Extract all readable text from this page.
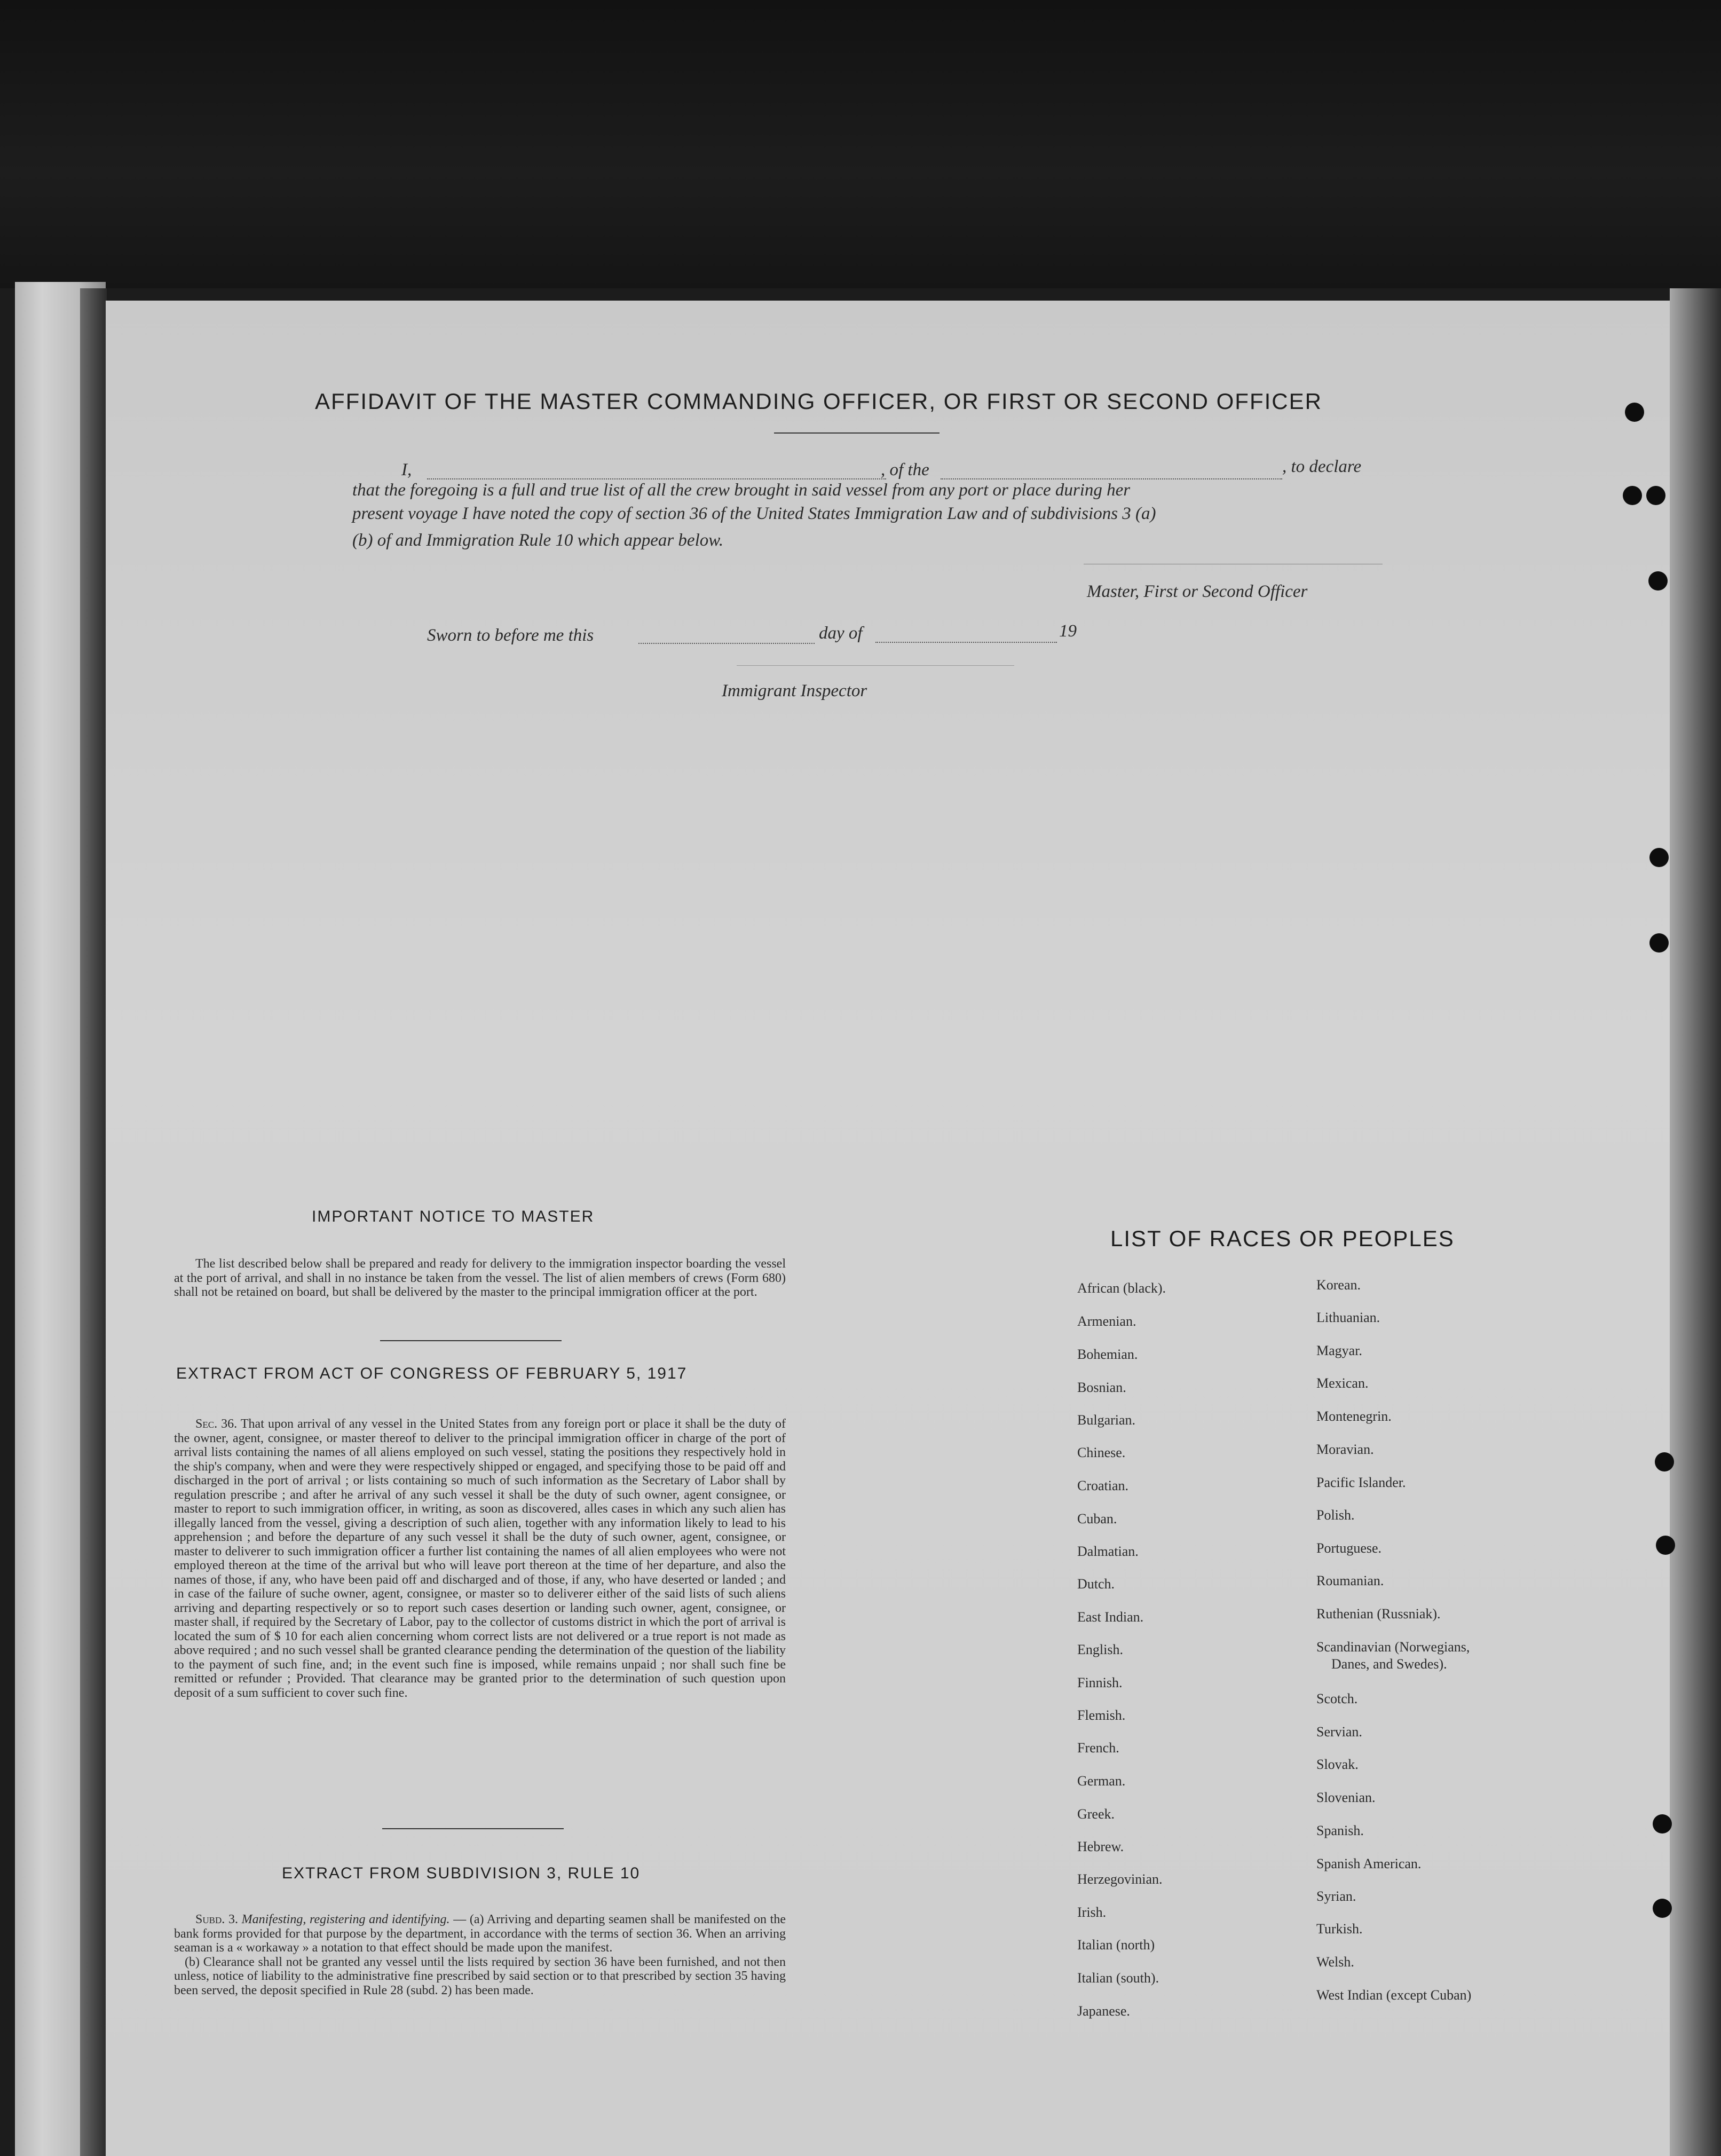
AFFIDAVIT OF THE MASTER COMMANDING OFFICER, OR FIRST OR SECOND OFFICER
I,	, of the	, to declare
that the foregoing is a full and true list of all the crew brought in said vessel from any port or place during her
present voyage I have noted the copy of section 36 of the United States Immigration Law and of subdivisions 3 (a)
(b) of and Immigration Rule 10 which appear below.
Master, First or Second Officer
Sworn to before me this	day of	19
Immigrant Inspector
IMPORTANT NOTICE TO MASTER

The list described below shall be prepared and ready for delivery to the immigration inspector boarding the vessel at the port of arrival, and shall in no instance be taken from the vessel. The list of alien members of crews (Form 680) shall not be retained on board, but shall be delivered by the master to the principal immigration officer at the port.

EXTRACT FROM ACT OF CONGRESS OF FEBRUARY 5, 1917

Sec. 36. That upon arrival of any vessel in the United States from any foreign port or place it shall be the duty of the owner, agent, consignee, or master thereof to deliver to the principal immigration officer in charge of the port of arrival lists containing the names of all aliens employed on such vessel, stating the positions they respectively hold in the ship's company, when and were they were respectively shipped or engaged, and specifying those to be paid off and discharged in the port of arrival ; or lists containing so much of such information as the Secretary of Labor shall by regulation prescribe ; and after he arrival of any such vessel it shall be the duty of such owner, agent consignee, or master to report to such immigration officer, in writing, as soon as discovered, alles cases in which any such alien has illegally lanced from the vessel, giving a description of such alien, together with any information likely to lead to his apprehension ; and before the departure of any such vessel it shall be the duty of such owner, agent, consignee, or master to deliverer to such immigration officer a further list containing the names of all alien employees who were not employed thereon at the time of the arrival but who will leave port thereon at the time of her departure, and also the names of those, if any, who have been paid off and discharged and of those, if any, who have deserted or landed ; and in case of the failure of suche owner, agent, consignee, or master so to deliverer either of the said lists of such aliens arriving and departing respectively or so to report such cases desertion or landing such owner, agent, consignee, or master shall, if required by the Secretary of Labor, pay to the collector of customs district in which the port of arrival is located the sum of $ 10 for each alien concerning whom correct lists are not delivered or a true report is not made as above required ; and no such vessel shall be granted clearance pending the determination of the question of the liability to the payment of such fine, and; in the event such fine is imposed, while remains unpaid ; nor shall such fine be remitted or refunder ; Provided. That clearance may be granted prior to the determination of such question upon deposit of a sum sufficient to cover such fine.

EXTRACT FROM SUBDIVISION 3, RULE 10

Subd. 3. Manifesting, registering and identifying. — (a) Arriving and departing seamen shall be manifested on the bank forms provided for that purpose by the department, in accordance with the terms of section 36. When an arriving seaman is a « workaway » a notation to that effect should be made upon the manifest.

(b) Clearance shall not be granted any vessel until the lists required by section 36 have been furnished, and not then unless, notice of liability to the administrative fine prescribed by said section or to that prescribed by section 35 having been served, the deposit specified in Rule 28 (subd. 2) has been made.

LIST OF RACES OR PEOPLES
African (black).
Armenian.
Bohemian.
Bosnian.
Bulgarian.
Chinese.
Croatian.
Cuban.
Dalmatian.
Dutch.
East Indian.
English.
Finnish.
Flemish.
French.
German.
Greek.
Hebrew.
Herzegovinian.
Irish.
Italian (north)
Italian (south).
Japanese.
Korean.
Lithuanian.
Magyar.
Mexican.
Montenegrin.
Moravian.
Pacific Islander.
Polish.
Portuguese.
Roumanian.
Ruthenian (Russniak).
Scandinavian (Norwegians,
Danes, and Swedes).
Scotch.
Servian.
Slovak.
Slovenian.
Spanish.
Spanish American.
Syrian.
Turkish.
Welsh.
West Indian (except Cuban)
